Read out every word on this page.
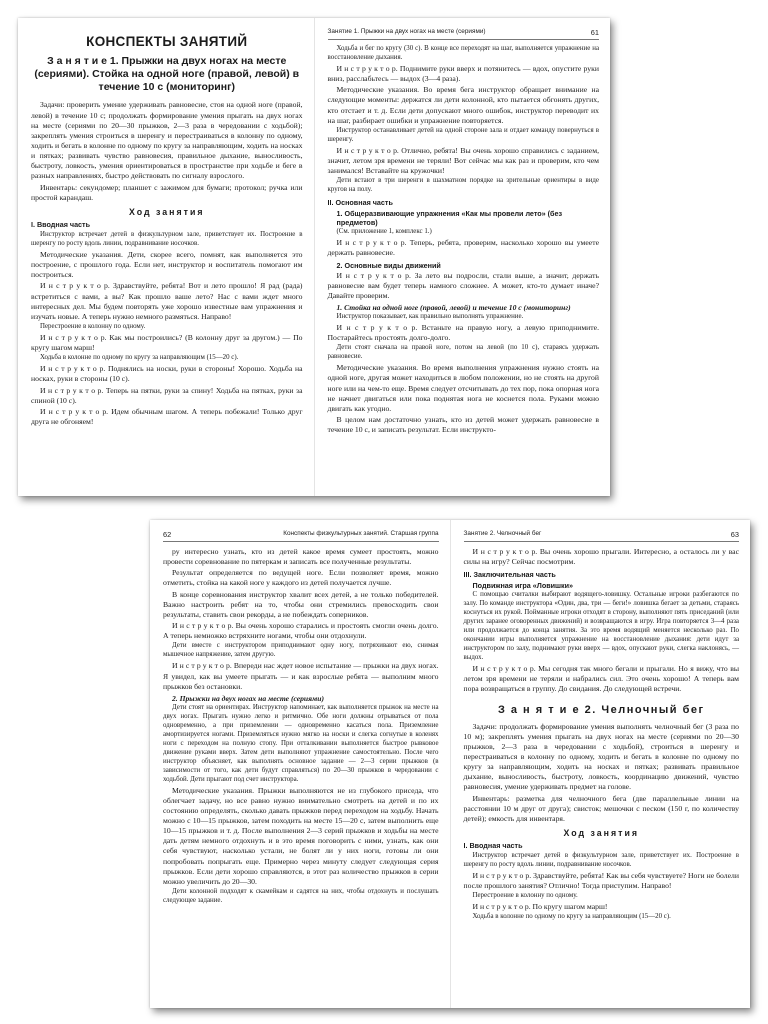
КОНСПЕКТЫ ЗАНЯТИЙ
З а н я т и е 1. Прыжки на двух ногах на месте (сериями). Стойка на одной ноге (правой, левой) в течение 10 с (мониторинг)

Задачи: проверить умение удерживать равновесие, стоя на одной ноге (правой, левой) в течение 10 с; продолжать формирование умения прыгать на двух ногах на месте (сериями по 20—30 прыжков, 2—3 раза в чередовании с ходьбой); закреплять умения строиться в шеренгу и перестраиваться в колонну по одному, ходить и бегать в колонне по одному по кругу за направляющим, ходить на носках и пятках; развивать чувство равновесия, правильное дыхание, выносливость, быстроту, ловкость, умения ориентироваться в пространстве при ходьбе и беге в разных направлениях, быстро действовать по сигналу взрослого.

Инвентарь: секундомер; планшет с зажимом для бумаги; протокол; ручка или простой карандаш.

Ход занятия
I. Вводная часть

Инструктор встречает детей в физкультурном зале, приветствует их. Построение в шеренгу по росту вдоль линии, подравнивание носочков.

Методические указания. Дети, скорее всего, помнят, как выполняется это построение, с прошлого года. Если нет, инструктор и воспитатель помогают им построиться.

И н с т р у к т о р. Здравствуйте, ребята! Вот и лето прошло! Я рад (рада) встретиться с вами, а вы? Как прошло ваше лето? Нас с вами ждет много интересных дел. Мы будем повторять уже хорошо известные вам упражнения и изучать новые. А теперь нужно немного размяться. Направо!

Перестроение в колонну по одному.

И н с т р у к т о р. Как мы построились? (В колонну друг за другом.) — По кругу шагом марш!

Ходьба в колонне по одному по кругу за направляющим (15—20 с).

И н с т р у к т о р. Поднялись на носки, руки в стороны! Хорошо. Ходьба на носках, руки в стороны (10 с).

И н с т р у к т о р. Теперь на пятки, руки за спину! Ходьба на пятках, руки за спиной (10 с).

И н с т р у к т о р. Идем обычным шагом. А теперь побежали! Только друг друга не обгоняем!

Занятие 1. Прыжки на двух ногах на месте (сериями)	61

Ходьба и бег по кругу (30 с). В конце все переходят на шаг, выполняется упражнение на восстановление дыхания.

И н с т р у к т о р. Поднимите руки вверх и потянитесь — вдох, опустите руки вниз, расслабьтесь — выдох (3—4 раза).

Методические указания. Во время бега инструктор обращает внимание на следующие моменты: держатся ли дети колонной, кто пытается обгонять других, кто отстает и т. д. Если дети допускают много ошибок, инструктор переводит их на шаг, разбирает ошибки и упражнение повторяется.

Инструктор останавливает детей на одной стороне зала и отдает команду повернуться в шеренгу.

И н с т р у к т о р. Отлично, ребята! Вы очень хорошо справились с заданием, значит, летом зря времени не теряли! Вот сейчас мы как раз и проверим, кто чем занимался! Вставайте на кружочки!

Дети встают в три шеренги в шахматном порядке на зрительные ориентиры в виде кругов на полу.

II. Основная часть
1. Общеразвивающие упражнения «Как мы провели лето» (без предметов)

(См. приложение 1, комплекс 1.)

И н с т р у к т о р. Теперь, ребята, проверим, насколько хорошо вы умеете держать равновесие.

2. Основные виды движений

И н с т р у к т о р. За лето вы подросли, стали выше, а значит, держать равновесие вам будет теперь намного сложнее. А может, кто-то думает иначе? Давайте проверим.

1. Стойка на одной ноге (правой, левой) и течение 10 с (мониторинг)

Инструктор показывает, как правильно выполнять упражнение.

И н с т р у к т о р. Встаньте на правую ногу, а левую приподнимите. Постарайтесь простоять долго-долго.

Дети стоят сначала на правой ноге, потом на левой (по 10 с), стараясь удержать равновесие.

Методические указания. Во время выполнения упражнения нужно стоять на одной ноге, другая может находиться в любом положении, но не стоять на другой ноге или на чем-то еще. Время следует отсчитывать до тех пор, пока опорная нога не начнет двигаться или пока поднятая нога не коснется пола. Руками можно двигать как угодно.

В целом нам достаточно узнать, кто из детей может удержать равновесие в течение 10 с, и записать результат. Если инструкто-

62	Конспекты физкультурных занятий. Старшая группа

ру интересно узнать, кто из детей какое время сумеет простоять, можно провести соревнование по пятеркам и записать все полученные результаты.

Результат определяется по ведущей ноге. Если позволяет время, можно отметить, стойка на какой ноге у каждого из детей получается лучше.

В конце соревнования инструктор хвалит всех детей, а не только победителей. Важно настроить ребят на то, чтобы они стремились превосходить свои результаты, ставить свои рекорды, а не побеждать соперников.

И н с т р у к т о р. Вы очень хорошо старались и простоять смогли очень долго. А теперь немножко встряхните ногами, чтобы они отдохнули.

Дети вместе с инструктором приподнимают одну ногу, потряхивают ею, снимая мышечное напряжение, затем другую.

И н с т р у к т о р. Впереди нас ждет новое испытание — прыжки на двух ногах. Я увидел, как вы умеете прыгать — и как взрослые ребята — выполним много прыжков без остановки.

2. Прыжки на двух ногах на месте (сериями)

Дети стоят на ориентирах. Инструктор напоминает, как выполняется прыжок на месте на двух ногах. Прыгать нужно легко и ритмично. Обе ноги должны отрываться от пола одновременно, а при приземлении — одновременно касаться пола. Приземление амортизируется ногами. Приземляться нужно мягко на носки и слегка согнутые в коленях ноги с переходом на полную стопу. При отталкивании выполняется быстрое рывковое движение руками вверх. Затем дети выполняют упражнение самостоятельно. После чего инструктор объясняет, как выполнять основное задание — 2—3 серии прыжков (в зависимости от того, как дети будут справляться) по 20—30 прыжков в чередовании с ходьбой. Дети прыгают под счет инструктора.

Методические указания. Прыжки выполняются не из глубокого приседа, что облегчает задачу, но все равно нужно внимательно смотреть на детей и по их состоянию определять, сколько давать прыжков перед переходом на ходьбу. Начать можно с 10—15 прыжков, затем походить на месте 15—20 с, затем выполнить еще 10—15 прыжков и т. д. После выполнения 2—3 серий прыжков и ходьбы на месте дать детям немного отдохнуть и в это время поговорить с ними, узнать, как они себя чувствуют, насколько устали, не болят ли у них ноги, готовы ли они попробовать попрыгать еще. Примерно через минуту следует следующая серия прыжков. Если дети хорошо справляются, в этот раз количество прыжков в серии можно увеличить до 20—30.

Дети колонной подходят к скамейкам и садятся на них, чтобы отдохнуть и послушать следующее задание.

Занятие 2. Челночный бег	63

И н с т р у к т о р. Вы очень хорошо прыгали. Интересно, а осталось ли у вас силы на игру? Сейчас посмотрим.

III. Заключительная часть
Подвижная игра «Ловишки»

С помощью считалки выбирают водящего-ловишку. Остальные игроки разбегаются по залу. По команде инструктора «Один, два, три — беги!» ловишка бегает за детьми, стараясь коснуться их рукой. Пойманные игроки отходят в сторону, выполняют пять приседаний (или других заранее оговоренных движений) и возвращаются в игру. Игра повторяется 3—4 раза или продолжается до конца занятия. За это время водящий меняется несколько раз. По окончании игры выполняется упражнение на восстановление дыхания: дети идут за инструктором по залу, поднимают руки вверх — вдох, опускают руки, слегка наклонясь, — выдох.

И н с т р у к т о р. Мы сегодня так много бегали и прыгали. Но я вижу, что вы летом зря времени не теряли и набрались сил. Это очень хорошо! А теперь вам пора возвращаться в группу. До свидания. До следующей встречи.

З а н я т и е 2. Челночный бег

Задачи: продолжать формирование умения выполнять челночный бег (3 раза по 10 м); закреплять умения прыгать на двух ногах на месте (сериями по 20—30 прыжков, 2—3 раза в чередовании с ходьбой), строиться в шеренгу и перестраиваться в колонну по одному, ходить и бегать в колонне по одному по кругу за направляющим, ходить на носках и пятках; развивать правильное дыхание, выносливость, быстроту, ловкость, координацию движений, чувство равновесия, умение удерживать предмет на голове.

Инвентарь: разметка для челночного бега (две параллельные линии на расстоянии 10 м друг от друга); свисток; мешочки с песком (150 г, по количеству детей); емкость для инвентаря.

Ход занятия
I. Вводная часть

Инструктор встречает детей в физкультурном зале, приветствует их. Построение в шеренгу по росту вдоль линии, подравнивание носочков.

И н с т р у к т о р. Здравствуйте, ребята! Как вы себя чувствуете? Ноги не болели после прошлого занятия? Отлично! Тогда приступим. Направо!

Перестроение в колонну по одному.

И н с т р у к т о р. По кругу шагом марш!

Ходьба в колонне по одному по кругу за направляющим (15—20 с).
